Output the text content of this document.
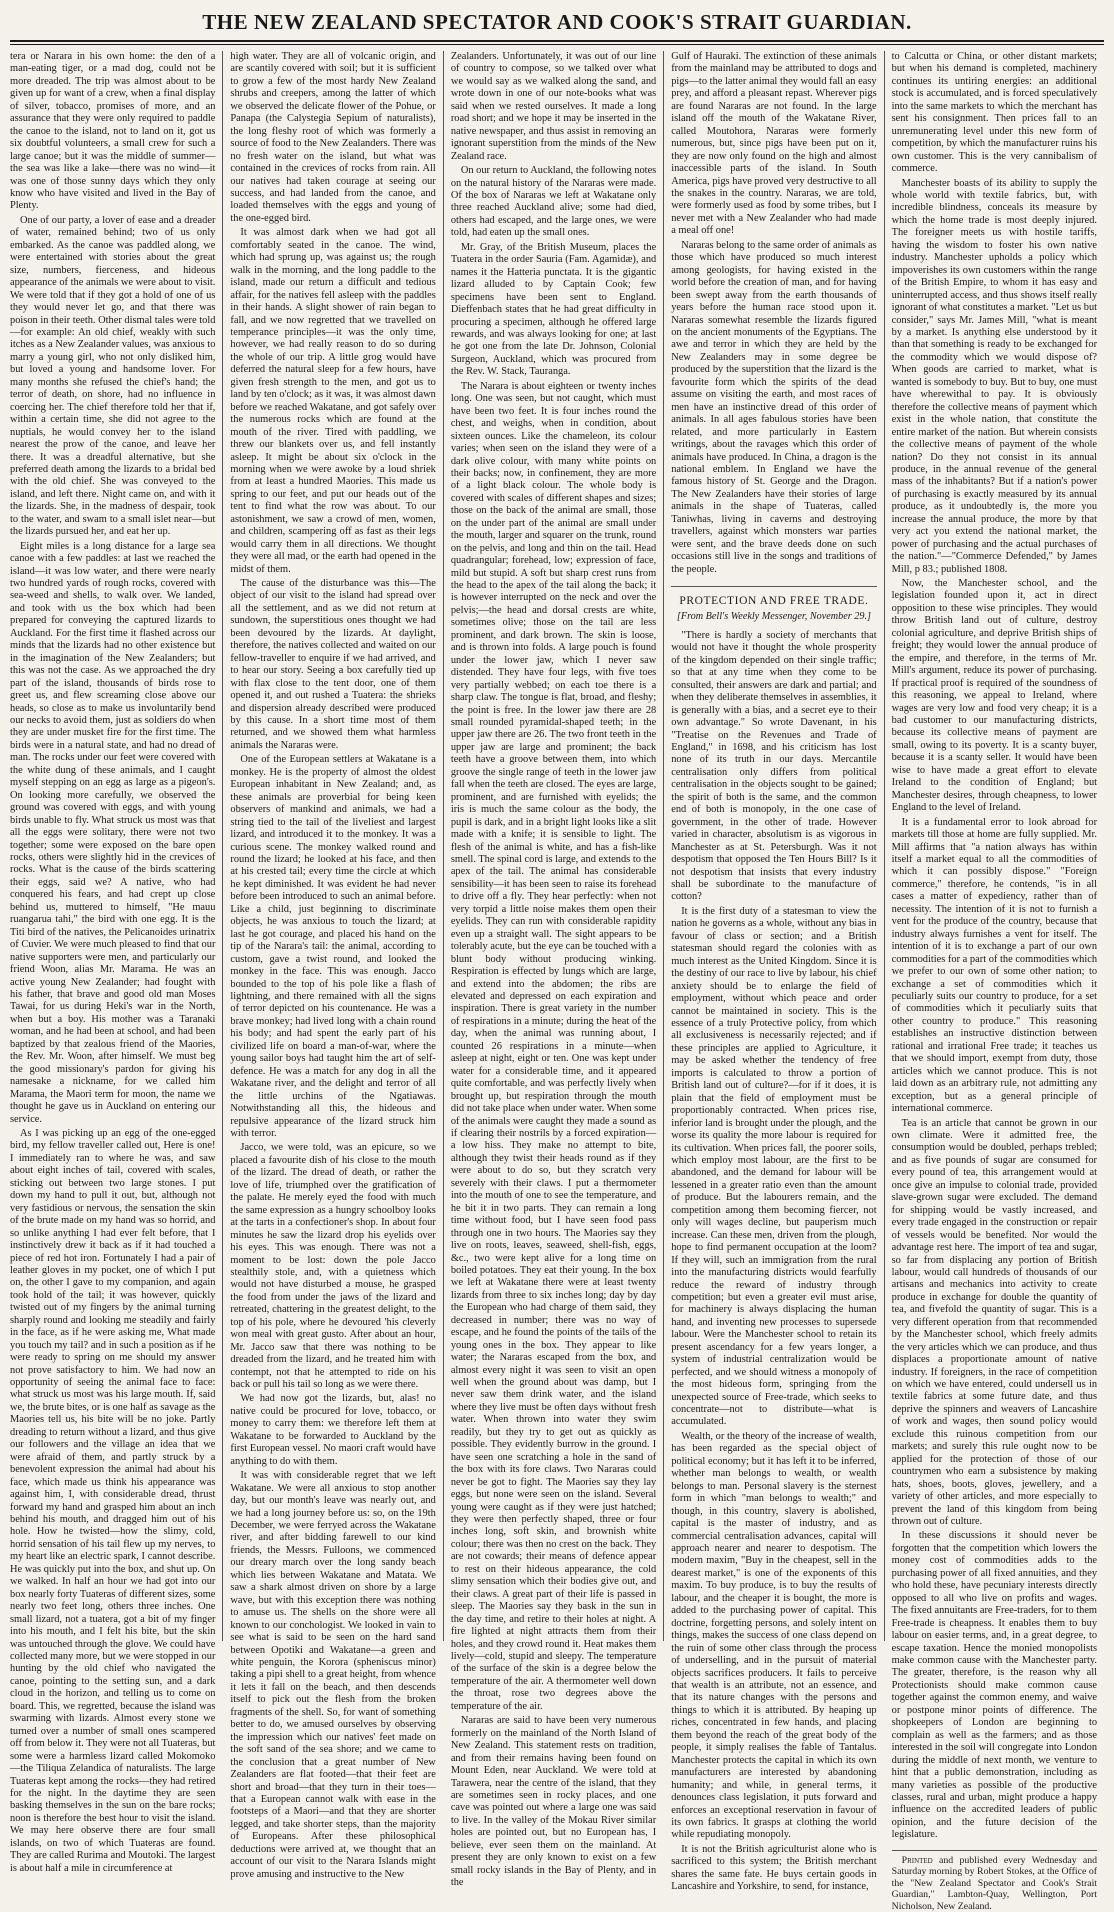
THE NEW ZEALAND SPECTATOR AND COOK'S STRAIT GUARDIAN.

tera or Narara in his own home: the den of a man-eating tiger, or a mad dog, could not be more dreaded. The trip was almost about to be given up for want of a crew, when a final display of silver, tobacco, promises of more, and an assurance that they were only required to paddle the canoe to the island, not to land on it, got us six doubtful volunteers, a small crew for such a large canoe; but it was the middle of summer—the sea was like a lake—there was no wind—it was one of those sunny days which they only know who have visited and lived in the Bay of Plenty.

One of our party, a lover of ease and a dreader of water, remained behind; two of us only embarked. As the canoe was paddled along, we were entertained with stories about the great size, numbers, fierceness, and hideous appearance of the animals we were about to visit. We were told that if they got a hold of one of us they would never let go, and that there was poison in their teeth. Other dismal tales were told—for example: An old chief, weakly with such itches as a New Zealander values, was anxious to marry a young girl, who not only disliked him, but loved a young and handsome lover. For many months she refused the chief's hand; the terror of death, on shore, had no influence in coercing her. The chief therefore told her that if, within a certain time, she did not agree to the nuptials, he would convey her to the island nearest the prow of the canoe, and leave her there. It was a dreadful alternative, but she preferred death among the lizards to a bridal bed with the old chief. She was conveyed to the island, and left there. Night came on, and with it the lizards. She, in the madness of despair, took to the water, and swam to a small islet near—but the lizards pursued her, and eat her up.

Eight miles is a long distance for a large sea canoe with a few paddles: at last we reached the island—it was low water, and there were nearly two hundred yards of rough rocks, covered with sea-weed and shells, to walk over. We landed, and took with us the box which had been prepared for conveying the captured lizards to Auckland. For the first time it flashed across our minds that the lizards had no other existence but in the imagination of the New Zealanders; but this was not the case. As we approached the dry part of the island, thousands of birds rose to greet us, and flew screaming close above our heads, so close as to make us involuntarily bend our necks to avoid them, just as soldiers do when they are under musket fire for the first time. The birds were in a natural state, and had no dread of man. The rocks under our feet were covered with the white dung of these animals, and I caught myself stepping on an egg as large as a pigeon's. On looking more carefully, we observed the ground was covered with eggs, and with young birds unable to fly. What struck us most was that all the eggs were solitary, there were not two together; some were exposed on the bare open rocks, others were slightly hid in the crevices of rocks. What is the cause of the birds scattering their eggs, said we? A native, who had conquered his fears, and had crept up close behind us, muttered to himself, "He mauu ruangarua tahi," the bird with one egg. It is the Titi bird of the natives, the Pelicanoides urinatrix of Cuvier. We were much pleased to find that our native supporters were men, and particularly our friend Woon, alias Mr. Marama. He was an active young New Zealander; had fought with his father, that brave and good old man Moses Tawai, for us during Heki's war in the North, when but a boy. His mother was a Taranaki woman, and he had been at school, and had been baptized by that zealous friend of the Maories, the Rev. Mr. Woon, after himself. We must beg the good missionary's pardon for giving his namesake a nickname, for we called him Marama, the Maori term for moon, the name we thought he gave us in Auckland on entering our service.

As I was picking up an egg of the one-egged bird, my fellow traveller called out, Here is one! I immediately ran to where he was, and saw about eight inches of tail, covered with scales, sticking out between two large stones. I put down my hand to pull it out, but, although not very fastidious or nervous, the sensation the skin of the brute made on my hand was so horrid, and so unlike anything I had ever felt before, that I instinctively drew it back as if it had touched a piece of red hot iron. Fortunately I had a pair of leather gloves in my pocket, one of which I put on, the other I gave to my companion, and again took hold of the tail; it was however, quickly twisted out of my fingers by the animal turning sharply round and looking me steadily and fairly in the face, as if he were asking me, What made you touch my tail? and in such a position as if he were ready to spring on me should my answer not prove satisfactory to him. We had now an opportunity of seeing the animal face to face: what struck us most was his large mouth. If, said we, the brute bites, or is one half as savage as the Maories tell us, his bite will be no joke. Partly dreading to return without a lizard, and thus give our followers and the village an idea that we were afraid of them, and partly struck by a benevolent expression the animal had about his face, which made us think his appearance was against him, I, with considerable dread, thrust forward my hand and grasped him about an inch behind his mouth, and dragged him out of his hole. How he twisted—how the slimy, cold, horrid sensation of his tail flew up my nerves, to my heart like an electric spark, I cannot describe. He was quickly put into the box, and shut up. On we walked. In half an hour we had got into our box nearly forty Tuateras of different sizes, some nearly two feet long, others three inches. One small lizard, not a tuatera, got a bit of my finger into his mouth, and I felt his bite, but the skin was untouched through the glove. We could have collected many more, but we were stopped in our hunting by the old chief who navigated the canoe, pointing to the setting sun, and a dark cloud in the horizon, and telling us to come on board. This, we regretted, because the island was swarming with lizards. Almost every stone we turned over a number of small ones scampered off from below it. They were not all Tuateras, but some were a harmless lizard called Mokomoko—the Tiliqua Zelandica of naturalists. The large Tuateras kept among the rocks—they had retired for the night. In the daytime they are seen basking themselves in the sun on the bare rocks; noon is therefore the best hour to visit the island. We may here observe there are four small islands, on two of which Tuateras are found. They are called Rurima and Moutoki. The largest is about half a mile in circumference at

high water. They are all of volcanic origin, and are scantily covered with soil; but it is sufficient to grow a few of the most hardy New Zealand shrubs and creepers, among the latter of which we observed the delicate flower of the Pohue, or Panapa (the Calystegia Sepium of naturalists), the long fleshy root of which was formerly a source of food to the New Zealanders. There was no fresh water on the island, but what was contained in the crevices of rocks from rain. All our natives had taken courage at seeing our success, and had landed from the canoe, and loaded themselves with the eggs and young of the one-egged bird.

It was almost dark when we had got all comfortably seated in the canoe. The wind, which had sprung up, was against us; the rough walk in the morning, and the long paddle to the island, made our return a difficult and tedious affair, for the natives fell asleep with the paddles in their hands. A slight shower of rain began to fall, and we now regretted that we travelled on temperance principles—it was the only time, however, we had really reason to do so during the whole of our trip. A little grog would have deferred the natural sleep for a few hours, have given fresh strength to the men, and got us to land by ten o'clock; as it was, it was almost dawn before we reached Wakatane, and got safely over the numerous rocks which are found at the mouth of the river. Tired with paddling, we threw our blankets over us, and fell instantly asleep. It might be about six o'clock in the morning when we were awoke by a loud shriek from at least a hundred Maories. This made us spring to our feet, and put our heads out of the tent to find what the row was about. To our astonishment, we saw a crowd of men, women, and children, scampering off as fast as their legs would carry them in all directions. We thought they were all mad, or the earth had opened in the midst of them.

The cause of the disturbance was this—The object of our visit to the island had spread over all the settlement, and as we did not return at sundown, the superstitious ones thought we had been devoured by the lizards. At daylight, therefore, the natives collected and waited on our fellow-traveller to enquire if we had arrived, and to hear our story. Seeing a box carefully tied up with flax close to the tent door, one of them opened it, and out rushed a Tuatera: the shrieks and dispersion already described were produced by this cause. In a short time most of them returned, and we showed them what harmless animals the Nararas were.

One of the European settlers at Wakatane is a monkey. He is the property of almost the oldest European inhabitant in New Zealand; and, as these animals are proverbial for being keen observers of mankind and animals, we had a string tied to the tail of the liveliest and largest lizard, and introduced it to the monkey. It was a curious scene. The monkey walked round and round the lizard; he looked at his face, and then at his crested tail; every time the circle at which he kept diminished. It was evident he had never before been introduced to such an animal before. Like a child, just beginning to discriminate objects, he was anxious to touch the lizard; at last he got courage, and placed his hand on the tip of the Narara's tail: the animal, according to custom, gave a twist round, and looked the monkey in the face. This was enough. Jacco bounded to the top of his pole like a flash of lightning, and there remained with all the signs of terror depicted on his countenance. He was a brave monkey; had lived long with a chain round his body; and had spent the early part of his civilized life on board a man-of-war, where the young sailor boys had taught him the art of self-defence. He was a match for any dog in all the Wakatane river, and the delight and terror of all the little urchins of the Ngatiawas. Notwithstanding all this, the hideous and repulsive appearance of the lizard struck him with terror.

Jacco, we were told, was an epicure, so we placed a favourite dish of his close to the mouth of the lizard. The dread of death, or rather the love of life, triumphed over the gratification of the palate. He merely eyed the food with much the same expression as a hungry schoolboy looks at the tarts in a confectioner's shop. In about four minutes he saw the lizard drop his eyelids over his eyes. This was enough. There was not a moment to be lost: down the pole Jacco stealthily stole, and, with a quietness which would not have disturbed a mouse, he grasped the food from under the jaws of the lizard and retreated, chattering in the greatest delight, to the top of his pole, where he devoured 'his cleverly won meal with great gusto. After about an hour, Mr. Jacco saw that there was nothing to be dreaded from the lizard, and he treated him with contempt, not that he attempted to ride on his back or pull his tail so long as we were there.

We had now got the lizards, but, alas! no native could be procured for love, tobacco, or money to carry them: we therefore left them at Wakatane to be forwarded to Auckland by the first European vessel. No maori craft would have anything to do with them.

It was with considerable regret that we left Wakatane. We were all anxious to stop another day, but our month's leave was nearly out, and we had a long journey before us: so, on the 19th December, we were ferryed across the Wakatane river, and after bidding farewell to our kind friends, the Messrs. Fulloons, we commenced our dreary march over the long sandy beach which lies between Wakatane and Matata. We saw a shark almost driven on shore by a large wave, but with this exception there was nothing to amuse us. The shells on the shore were all known to our conchologist. We looked in vain to see what is said to be seen on the hard sand between Opotiki and Wakatane—a green and white penguin, the Korora (spheniscus minor) taking a pipi shell to a great height, from whence it lets it fall on the beach, and then descends itself to pick out the flesh from the broken fragments of the shell. So, for want of something better to do, we amused ourselves by observing the impression which our natives' feet made on the soft sand of the sea shore; and we came to the conclusion that a great number of New Zealanders are flat footed—that their feet are short and broad—that they turn in their toes—that a European cannot walk with ease in the footsteps of a Maori—and that they are shorter legged, and take shorter steps, than the majority of Europeans. After these philosophical deductions were arrived at, we thought that an account of our visit to the Narara Islands might prove amusing and instructive to the New

Zealanders. Unfortunately, it was out of our line of country to compose, so we talked over what we would say as we walked along the sand, and wrote down in one of our note-books what was said when we rested ourselves. It made a long road short; and we hope it may be inserted in the native newspaper, and thus assist in removing an ignorant superstition from the minds of the New Zealand race.

On our return to Auckland, the following notes on the natural history of the Nararas were made. Of the box of Nararas we left at Wakatane only three reached Auckland alive; some had died, others had escaped, and the large ones, we were told, had eaten up the small ones.

Mr. Gray, of the British Museum, places the Tuatera in the order Sauria (Fam. Agamidæ), and names it the Hatteria punctata. It is the gigantic lizard alluded to by Captain Cook; few specimens have been sent to England. Dieffenbach states that he had great difficulty in procuring a specimen, although he offered large rewards, and was always looking for one; at last he got one from the late Dr. Johnson, Colonial Surgeon, Auckland, which was procured from the Rev. W. Stack, Tauranga.

The Narara is about eighteen or twenty inches long. One was seen, but not caught, which must have been two feet. It is four inches round the chest, and weighs, when in condition, about sixteen ounces. Like the chameleon, its colour varies; when seen on the island they were of a dark olive colour, with many white points on their backs; now, in confinement, they are more of a light black colour. The whole body is covered with scales of different shapes and sizes; those on the back of the animal are small, those on the under part of the animal are small under the mouth, larger and squarer on the trunk, round on the pelvis, and long and thin on the tail. Head quadrangular; forehead, low; expression of face, mild but stupid. A soft but sharp crest runs from the head to the apex of the tail along the back; it is however interrupted on the neck and over the pelvis;—the head and dorsal crests are white, sometimes olive; those on the tail are less prominent, and dark brown. The skin is loose, and is thrown into folds. A large pouch is found under the lower jaw, which I never saw distended. They have four legs, with five toes very partially webbed; on each toe there is a sharp claw. The tongue is flat, broad, and fleshy; the point is free. In the lower jaw there are 28 small rounded pyramidal-shaped teeth; in the upper jaw there are 26. The two front teeth in the upper jaw are large and prominent; the back teeth have a groove between them, into which groove the single range of teeth in the lower jaw fall when the teeth are closed. The eyes are large, prominent, and are furnished with eyelids; the iris is much the same colour as the body, the pupil is dark, and in a bright light looks like a slit made with a knife; it is sensible to light. The flesh of the animal is white, and has a fish-like smell. The spinal cord is large, and extends to the apex of the tail. The animal has considerable sensibility—it has been seen to raise its forehead to drive off a fly. They hear perfectly: when not very torpid a little noise makes them open their eyelids. They can run with considerable rapidity even up a straight wall. The sight appears to be tolerably acute, but the eye can be touched with a blunt body without producing winking. Respiration is effected by lungs which are large, and extend into the abdomen; the ribs are elevated and depressed on each expiration and inspiration. There is great variety in the number of respirations in a minute; during the heat of the day, when the animal was running about, I counted 26 respirations in a minute—when asleep at night, eight or ten. One was kept under water for a considerable time, and it appeared quite comfortable, and was perfectly lively when brought up, but respiration through the mouth did not take place when under water. When some of the animals were caught they made a sound as if clearing their nostrils by a forced expiration—a low hiss. They make no attempt to bite, although they twist their heads round as if they were about to do so, but they scratch very severely with their claws. I put a thermometer into the mouth of one to see the temperature, and he bit it in two parts. They can remain a long time without food, but I have seen food pass through one in two hours. The Maories say they live on roots, leaves, seaweed, shell-fish, eggs, &c., two were kept alive for a long time on boiled potatoes. They eat their young. In the box we left at Wakatane there were at least twenty lizards from three to six inches long; day by day the European who had charge of them said, they decreased in number; there was no way of escape, and he found the points of the tails of the young ones in the box. They appear to like water; the Nararas escaped from the box, and almost every night it was seen to visit an open well when the ground about was damp, but I never saw them drink water, and the island where they live must be often days without fresh water. When thrown into water they swim readily, but they try to get out as quickly as possible. They evidently burrow in the ground. I have seen one scratching a hole in the sand of the box with its fore claws. Two Nararas could never be got to fight. The Maories say they lay eggs, but none were seen on the island. Several young were caught as if they were just hatched; they were then perfectly shaped, three or four inches long, soft skin, and brownish white colour; there was then no crest on the back. They are not cowards; their means of defence appear to rest on their hideous appearance, the cold slimy sensation which their bodies give out, and their claws. A great part of their life is passed in sleep. The Maories say they bask in the sun in the day time, and retire to their holes at night. A fire lighted at night attracts them from their holes, and they crowd round it. Heat makes them lively—cold, stupid and sleepy. The temperature of the surface of the skin is a degree below the temperature of the air. A thermometer well down the throat, rose two degrees above the temperature of the air.

Nararas are said to have been very numerous formerly on the mainland of the North Island of New Zealand. This statement rests on tradition, and from their remains having been found on Mount Eden, near Auckland. We were told at Tarawera, near the centre of the island, that they are sometimes seen in rocky places, and one cave was pointed out where a large one was said to live. In the valley of the Mokau River similar holes are pointed out, but no European has, I believe, ever seen them on the mainland. At present they are only known to exist on a few small rocky islands in the Bay of Plenty, and in the

Gulf of Hauraki. The extinction of these animals from the mainland may be attributed to dogs and pigs—to the latter animal they would fall an easy prey, and afford a pleasant repast. Wherever pigs are found Nararas are not found. In the large island off the mouth of the Wakatane River, called Moutohora, Nararas were formerly numerous, but, since pigs have been put on it, they are now only found on the high and almost inaccessible parts of the island. In South America, pigs have proved very destructive to all the snakes in the country. Nararas, we are told, were formerly used as food by some tribes, but I never met with a New Zealander who had made a meal off one!

Nararas belong to the same order of animals as those which have produced so much interest among geologists, for having existed in the world before the creation of man, and for having been swept away from the earth thousands of years before the human race stood upon it. Nararas somewhat resemble the lizards figured on the ancient monuments of the Egyptians. The awe and terror in which they are held by the New Zealanders may in some degree be produced by the superstition that the lizard is the favourite form which the spirits of the dead assume on visiting the earth, and most races of men have an instinctive dread of this order of animals. In all ages fabulous stories have been related, and more particularly in Eastern writings, about the ravages which this order of animals have produced. In China, a dragon is the national emblem. In England we have the famous history of St. George and the Dragon. The New Zealanders have their stories of large animals in the shape of Tuateras, called Taniwhas, living in caverns and destroying travellers, against which monsters war parties were sent, and the brave deeds done on such occasions still live in the songs and traditions of the people.

PROTECTION AND FREE TRADE.
[From Bell's Weekly Messenger, November 29.]

"There is hardly a society of merchants that would not have it thought the whole prosperity of the kingdom depended on their single traffic; so that at any time when they come to be consulted, their answers are dark and partial; and when they deliberate themselves in assemblies, it is generally with a bias, and a secret eye to their own advantage." So wrote Davenant, in his "Treatise on the Revenues and Trade of England," in 1698, and his criticism has lost none of its truth in our days. Mercantile centralisation only differs from political centralisation in the objects sought to be gained; the spirit of both is the same, and the common end of both is monopoly, in the one case of government, in the other of trade. However varied in character, absolutism is as vigorous in Manchester as at St. Petersburgh. Was it not despotism that opposed the Ten Hours Bill? Is it not despotism that insists that every industry shall be subordinate to the manufacture of cotton?

It is the first duty of a statesman to view the nation he governs as a whole, without any bias in favour of class or section; and a British statesman should regard the colonies with as much interest as the United Kingdom. Since it is the destiny of our race to live by labour, his chief anxiety should be to enlarge the field of employment, without which peace and order cannot be maintained in society. This is the essence of a truly Protective policy, from which all exclusiveness is necessarily rejected; and if these principles are applied to Agriculture, it may be asked whether the tendency of free imports is calculated to throw a portion of British land out of culture?—for if it does, it is plain that the field of employment must be proportionably contracted. When prices rise, inferior land is brought under the plough, and the worse its quality the more labour is required for its cultivation. When prices fall, the poorer soils, which employ most labour, are the first to be abandoned, and the demand for labour will be lessened in a greater ratio even than the amount of produce. But the labourers remain, and the competition among them becoming fiercer, not only will wages decline, but pauperism much increase. Can these men, driven from the plough, hope to find permanent occupation at the loom? If they will, such an immigration from the rural into the manufacturing districts would fearfully reduce the reward of industry through competition; but even a greater evil must arise, for machinery is always displacing the human hand, and inventing new processes to supersede labour. Were the Manchester school to retain its present ascendancy for a few years longer, a system of industrial centralization would be perfected, and we should witness a monopoly of the most hideous form, springing from the unexpected source of Free-trade, which seeks to concentrate—not to distribute—what is accumulated.

Wealth, or the theory of the increase of wealth, has been regarded as the special object of political economy; but it has left it to be inferred, whether man belongs to wealth, or wealth belongs to man. Personal slavery is the sternest form in which "man belongs to wealth;" and though, in this country, slavery is abolished, capital is the master of industry, and as commercial centralisation advances, capital will approach nearer and nearer to despotism. The modern maxim, "Buy in the cheapest, sell in the dearest market," is one of the exponents of this maxim. To buy produce, is to buy the results of labour, and the cheaper it is bought, the more is added to the purchasing power of capital. This doctrine, forgetting persons, and solely intent on things, makes the success of one class depend on the ruin of some other class through the process of underselling, and in the pursuit of material objects sacrifices producers. It fails to perceive that wealth is an attribute, not an essence, and that its nature changes with the persons and things to which it is attributed. By heaping up riches, concentrated in few hands, and placing them beyond the reach of the great body of the people, it simply realises the fable of Tantalus. Manchester protects the capital in which its own manufacturers are interested by abandoning humanity; and while, in general terms, it denounces class legislation, it puts forward and enforces an exceptional reservation in favour of its own fabrics. It grasps at clothing the world while repudiating monopoly.

It is not the British agriculturist alone who is sacrificed to this system; the British merchant shares the same fate. He buys certain goods in Lancashire and Yorkshire, to send, for instance,

to Calcutta or China, or other distant markets; but when his demand is completed, machinery continues its untiring energies: an additional stock is accumulated, and is forced speculatively into the same markets to which the merchant has sent his consignment. Then prices fall to an unremunerating level under this new form of competition, by which the manufacturer ruins his own customer. This is the very cannibalism of commerce.

Manchester boasts of its ability to supply the whole world with textile fabrics, but, with incredible blindness, conceals its measure by which the home trade is most deeply injured. The foreigner meets us with hostile tariffs, having the wisdom to foster his own native industry. Manchester upholds a policy which impoverishes its own customers within the range of the British Empire, to whom it has easy and uninterrupted access, and thus shows itself really ignorant of what constitutes a market. "Let us but consider," says Mr. James Mill, "what is meant by a market. Is anything else understood by it than that something is ready to be exchanged for the commodity which we would dispose of? When goods are carried to market, what is wanted is somebody to buy. But to buy, one must have wherewithal to pay. It is obviously therefore the collective means of payment which exist in the whole nation, that constitute the entire market of the nation. But wherein consists the collective means of payment of the whole nation? Do they not consist in its annual produce, in the annual revenue of the general mass of the inhabitants? But if a nation's power of purchasing is exactly measured by its annual produce, as it undoubtedly is, the more you increase the annual produce, the more by that very act you extend the national market, the power of purchasing and the actual purchases of the nation."—"Commerce Defended," by James Mill, p 83.; published 1808.

Now, the Manchester school, and the legislation founded upon it, act in direct opposition to these wise principles. They would throw British land out of culture, destroy colonial agriculture, and deprive British ships of freight; they would lower the annual produce of the empire, and therefore, in the terms of Mr. Mill's argument, reduce its power of purchasing. If practical proof is required of the soundness of this reasoning, we appeal to Ireland, where wages are very low and food very cheap; it is a bad customer to our manufacturing districts, because its collective means of payment are small, owing to its poverty. It is a scanty buyer, because it is a scanty seller. It would have been wise to have made a great effort to elevate Ireland to the condition of England; but Manchester desires, through cheapness, to lower England to the level of Ireland.

It is a fundamental error to look abroad for markets till those at home are fully supplied. Mr. Mill affirms that "a nation always has within itself a market equal to all the commodities of which it can possibly dispose." "Foreign commerce," therefore, he contends, "is in all cases a matter of expediency, rather than of necessity. The intention of it is not to furnish a vent for the produce of the country, because that industry always furnishes a vent for itself. The intention of it is to exchange a part of our own commodities for a part of the commodities which we prefer to our own of some other nation; to exchange a set of commodities which it peculiarly suits our country to produce, for a set of commodities which it peculiarly suits that other country to produce." This reasoning establishes an instructive distinction between rational and irrational Free trade; it teaches us that we should import, exempt from duty, those articles which we cannot produce. This is not laid down as an arbitrary rule, not admitting any exception, but as a general principle of international commerce.

Tea is an article that cannot be grown in our own climate. Were it admitted free, the consumption would be doubled, perhaps trebled; and as five pounds of sugar are consumed for every pound of tea, this arrangement would at once give an impulse to colonial trade, provided slave-grown sugar were excluded. The demand for shipping would be vastly increased, and every trade engaged in the construction or repair of vessels would be benefited. Nor would the advantage rest here. The import of tea and sugar, so far from displacing any portion of British labour, would call hundreds of thousands of our artisans and mechanics into activity to create produce in exchange for double the quantity of tea, and fivefold the quantity of sugar. This is a very different operation from that recommended by the Manchester school, which freely admits the very articles which we can produce, and thus displaces a proportionate amount of native industry. If foreigners, in the race of competition on which we have entered, could undersell us in textile fabrics at some future date, and thus deprive the spinners and weavers of Lancashire of work and wages, then sound policy would exclude this ruinous competition from our markets; and surely this rule ought now to be applied for the protection of those of our countrymen who earn a subsistence by making hats, shoes, boots, gloves, jewellery, and a variety of other articles, and more especially to prevent the land of this kingdom from being thrown out of culture.

In these discussions it should never be forgotten that the competition which lowers the money cost of commodities adds to the purchasing power of all fixed annuities, and they who hold these, have pecuniary interests directly opposed to all who live on profits and wages. The fixed annuitants are Free-traders, for to them Free-trade is cheapness. It enables them to buy labour on easier terms, and, in a great degree, to escape taxation. Hence the monied monopolists make common cause with the Manchester party. The greater, therefore, is the reason why all Protectionists should make common cause together against the common enemy, and waive or postpone minor points of difference. The shopkeepers of London are beginning to complain as well as the farmers; and as those interested in the soil will congregate into London during the middle of next month, we venture to hint that a public demonstration, including as many varieties as possible of the productive classes, rural and urban, might produce a happy influence on the accredited leaders of public opinion, and the future decision of the legislature.

Printed and published every Wednesday and Saturday morning by Robert Stokes, at the Office of the "New Zealand Spectator and Cook's Strait Guardian," Lambton-Quay, Wellington, Port Nicholson, New Zealand.
